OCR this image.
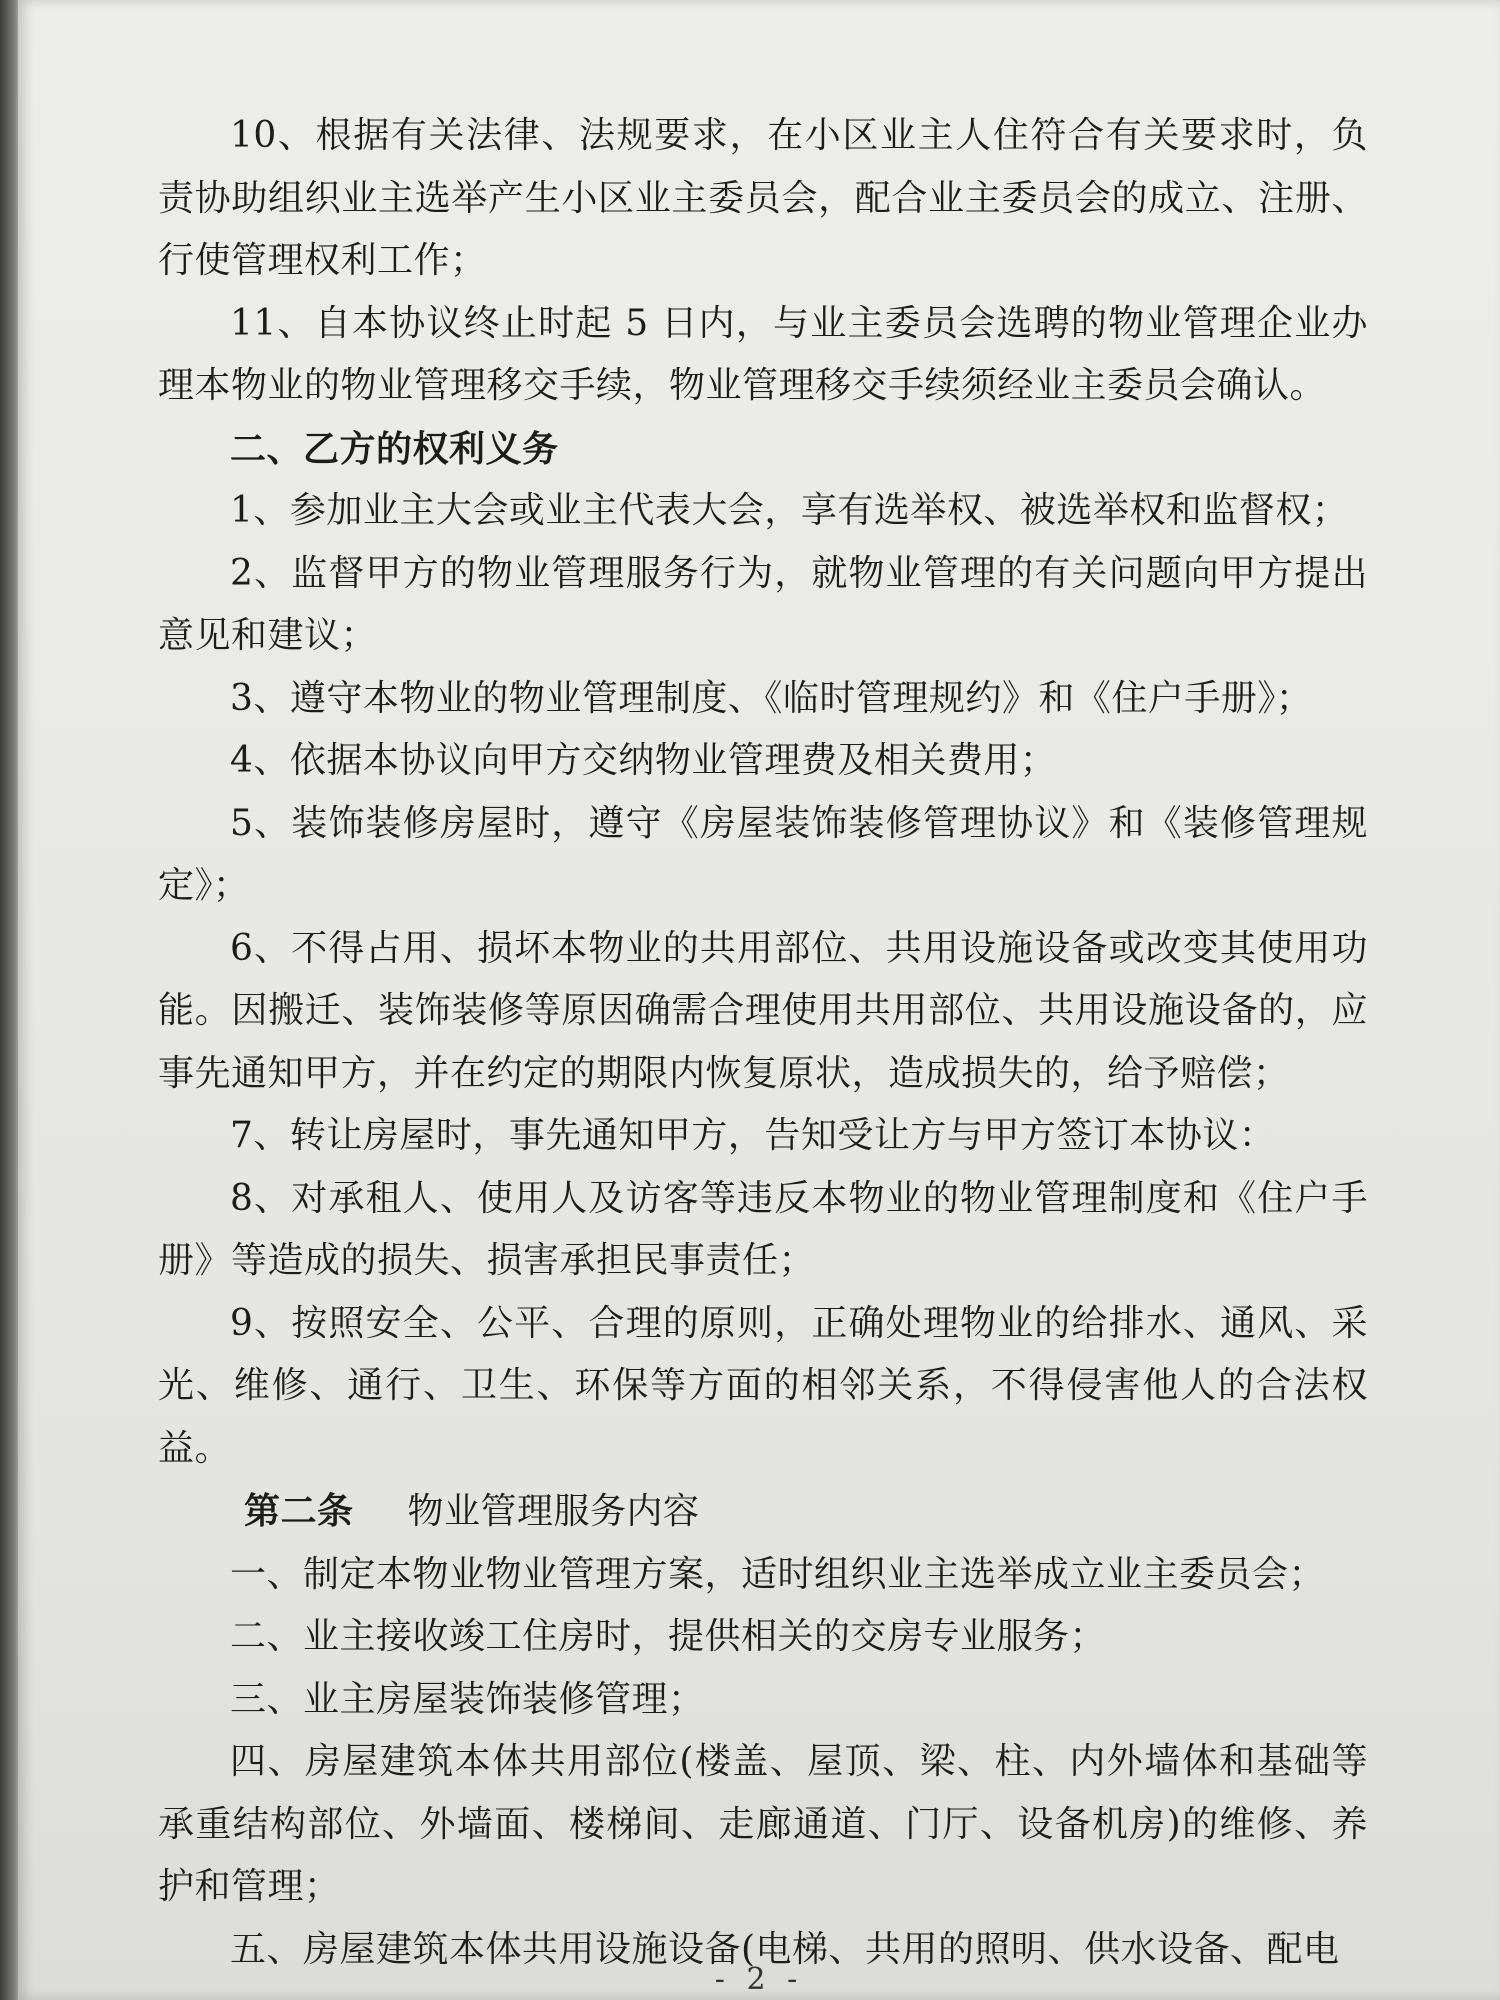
10、根据有关法律、法规要求，在小区业主人住符合有关要求时，负责协助组织业主选举产生小区业主委员会，配合业主委员会的成立、注册、行使管理权利工作；

11、自本协议终止时起 5 日内，与业主委员会选聘的物业管理企业办理本物业的物业管理移交手续，物业管理移交手续须经业主委员会确认。

二、乙方的权利义务

1、参加业主大会或业主代表大会，享有选举权、被选举权和监督权；

2、监督甲方的物业管理服务行为，就物业管理的有关问题向甲方提出意见和建议；

3、遵守本物业的物业管理制度、《临时管理规约》和《住户手册》；

4、依据本协议向甲方交纳物业管理费及相关费用；

5、装饰装修房屋时，遵守《房屋装饰装修管理协议》和《装修管理规定》；

6、不得占用、损坏本物业的共用部位、共用设施设备或改变其使用功能。因搬迁、装饰装修等原因确需合理使用共用部位、共用设施设备的，应事先通知甲方，并在约定的期限内恢复原状，造成损失的，给予赔偿；

7、转让房屋时，事先通知甲方，告知受让方与甲方签订本协议：

8、对承租人、使用人及访客等违反本物业的物业管理制度和《住户手册》等造成的损失、损害承担民事责任；

9、按照安全、公平、合理的原则，正确处理物业的给排水、通风、采光、维修、通行、卫生、环保等方面的相邻关系，不得侵害他人的合法权益。

第二条 物业管理服务内容

一、制定本物业物业管理方案，适时组织业主选举成立业主委员会；

二、业主接收竣工住房时，提供相关的交房专业服务；

三、业主房屋装饰装修管理；

四、房屋建筑本体共用部位(楼盖、屋顶、梁、柱、内外墙体和基础等承重结构部位、外墙面、楼梯间、走廊通道、门厅、设备机房)的维修、养护和管理；

五、房屋建筑本体共用设施设备(电梯、共用的照明、供水设备、配电

- 2 -
